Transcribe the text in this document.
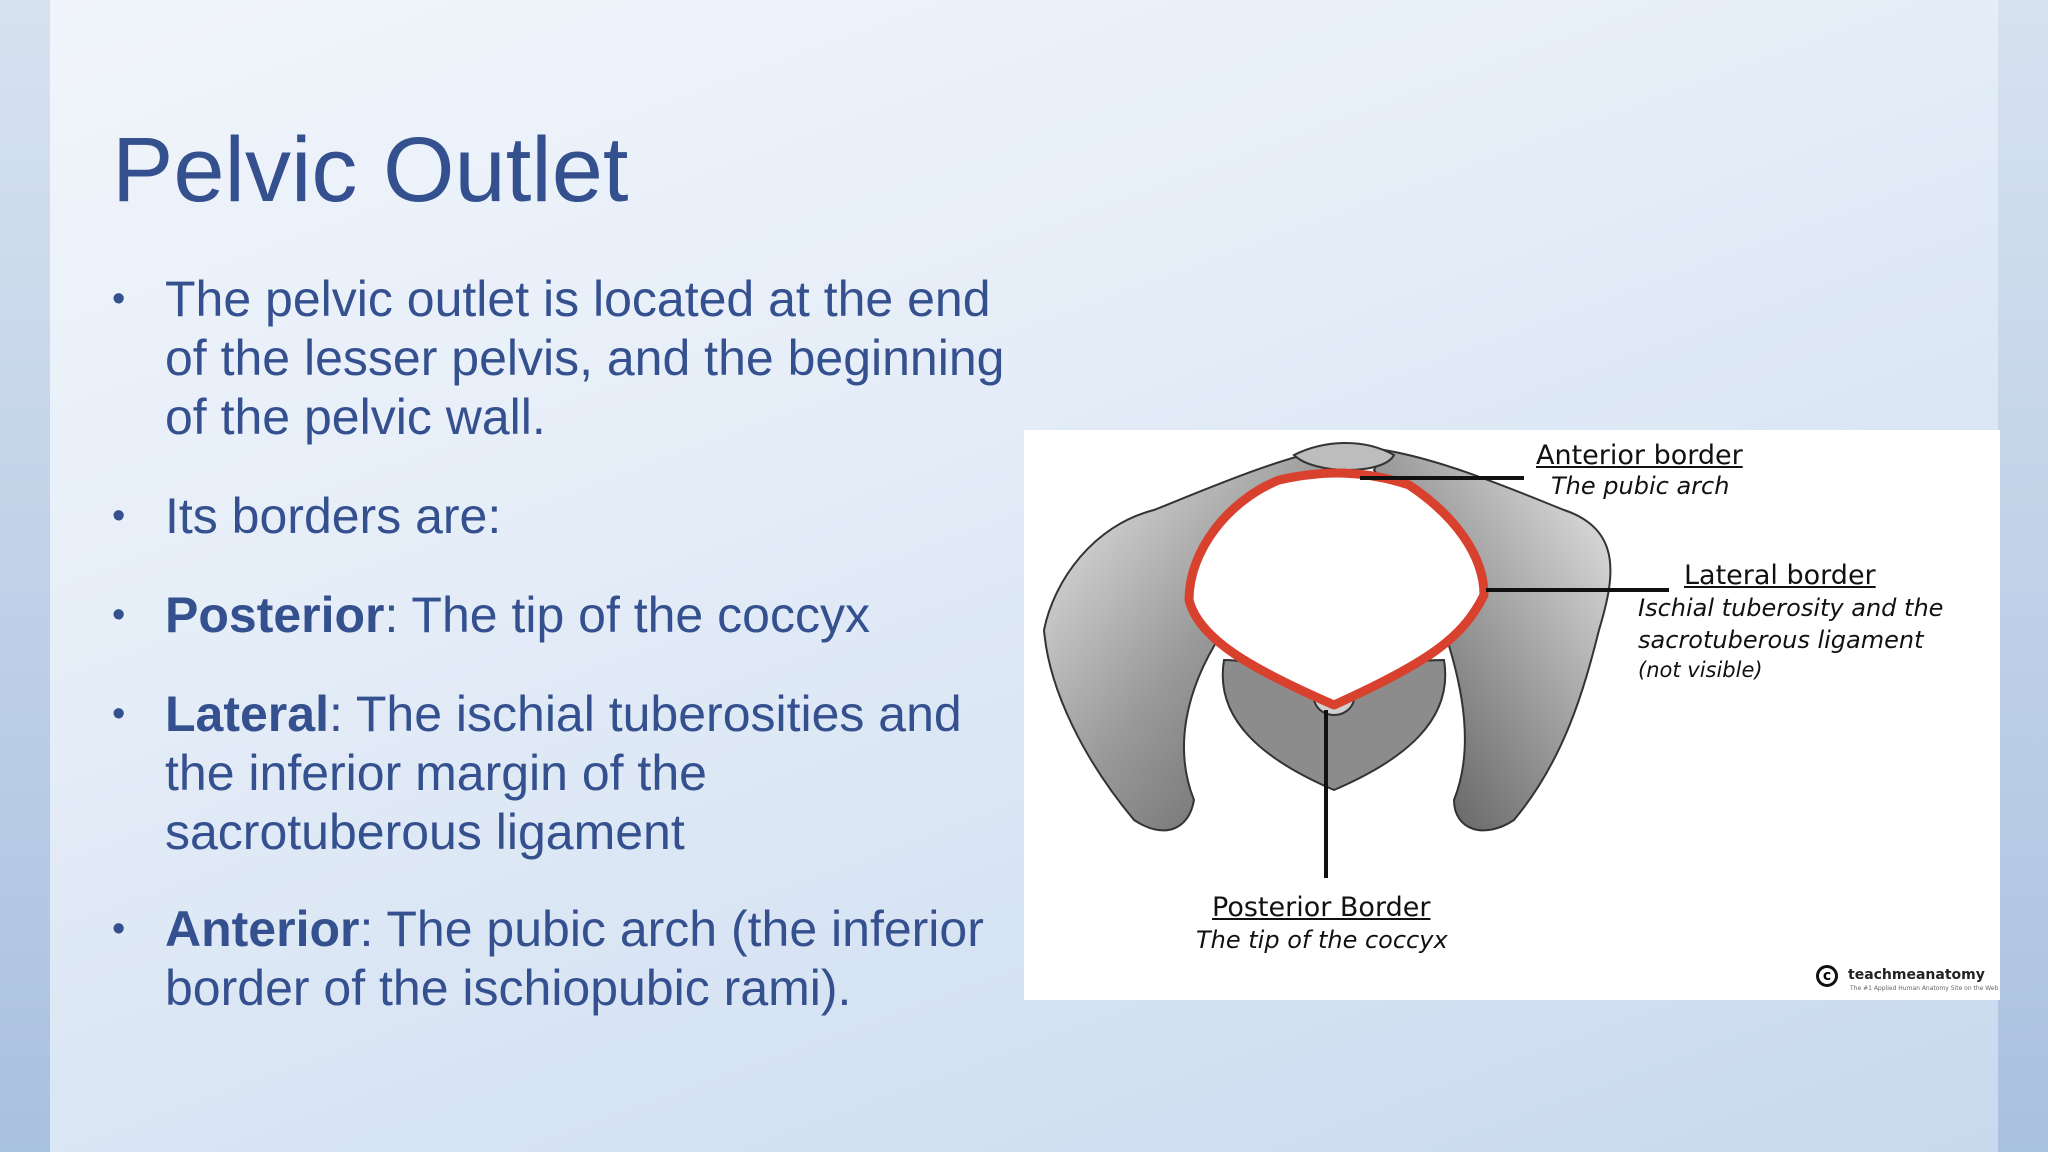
Pelvic Outlet
• The pelvic outlet is located at the end of the lesser pelvis, and the beginning of the pelvic wall.
• Its borders are:
• Posterior: The tip of the coccyx
• Lateral: The ischial tuberosities and the inferior margin of the sacrotuberous ligament
• Anterior: The pubic arch (the inferior border of the ischiopubic rami).
Anterior border
The pubic arch
Lateral border
Ischial tuberosity and the
sacrotuberous ligament
(not visible)
Posterior Border
The tip of the coccyx
c	teachmeanatomy
The #1 Applied Human Anatomy Site on the Web
